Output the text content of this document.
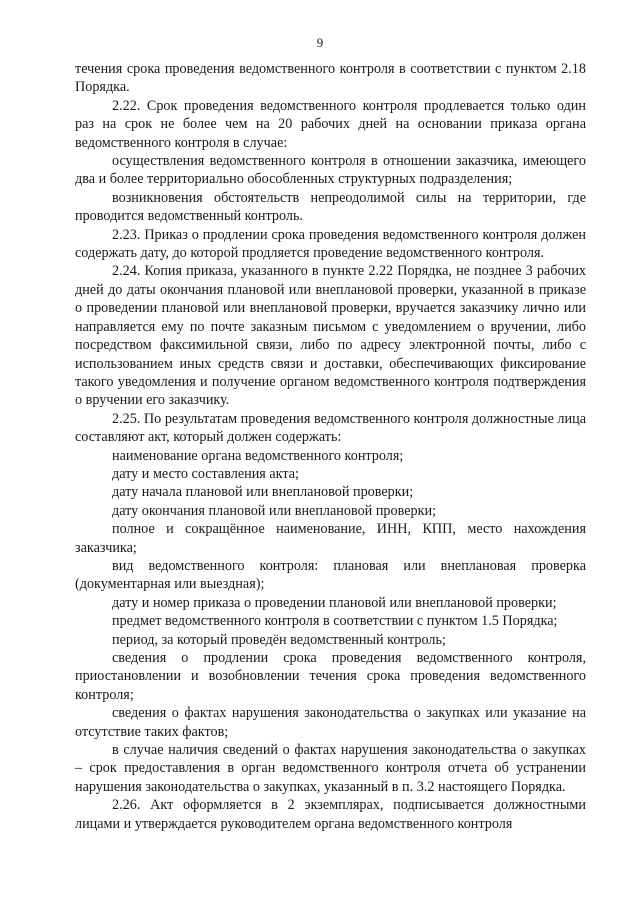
9

течения срока проведения ведомственного контроля в соответствии с пунктом 2.18 Порядка.

2.22. Срок проведения ведомственного контроля продлевается только один раз на срок не более чем на 20 рабочих дней на основании приказа органа ведомственного контроля в случае:

осуществления ведомственного контроля в отношении заказчика, имеющего два и более территориально обособленных структурных подразделения;

возникновения обстоятельств непреодолимой силы на территории, где проводится ведомственный контроль.

2.23. Приказ о продлении срока проведения ведомственного контроля должен содержать дату, до которой продляется проведение ведомственного контроля.

2.24. Копия приказа, указанного в пункте 2.22 Порядка, не позднее 3 рабочих дней до даты окончания плановой или внеплановой проверки, указанной в приказе о проведении плановой или внеплановой проверки, вручается заказчику лично или направляется ему по почте заказным письмом с уведомлением о вручении, либо посредством факсимильной связи, либо по адресу электронной почты, либо с использованием иных средств связи и доставки, обеспечивающих фиксирование такого уведомления и получение органом ведомственного контроля подтверждения о вручении его заказчику.

2.25. По результатам проведения ведомственного контроля должностные лица составляют акт, который должен содержать:

наименование органа ведомственного контроля;

дату и место составления акта;

дату начала плановой или внеплановой проверки;

дату окончания плановой или внеплановой проверки;

полное и сокращённое наименование, ИНН, КПП, место нахождения заказчика;

вид ведомственного контроля: плановая или внеплановая проверка (документарная или выездная);

дату и номер приказа о проведении плановой или внеплановой проверки;

предмет ведомственного контроля в соответствии с пунктом 1.5 Порядка;

период, за который проведён ведомственный контроль;

сведения о продлении срока проведения ведомственного контроля, приостановлении и возобновлении течения срока проведения ведомственного контроля;

сведения о фактах нарушения законодательства о закупках или указание на отсутствие таких фактов;

в случае наличия сведений о фактах нарушения законодательства о закупках – срок предоставления в орган ведомственного контроля отчета об устранении нарушения законодательства о закупках, указанный в п. 3.2 настоящего Порядка.

2.26. Акт оформляется в 2 экземплярах, подписывается должностными лицами и утверждается руководителем органа ведомственного контроля
